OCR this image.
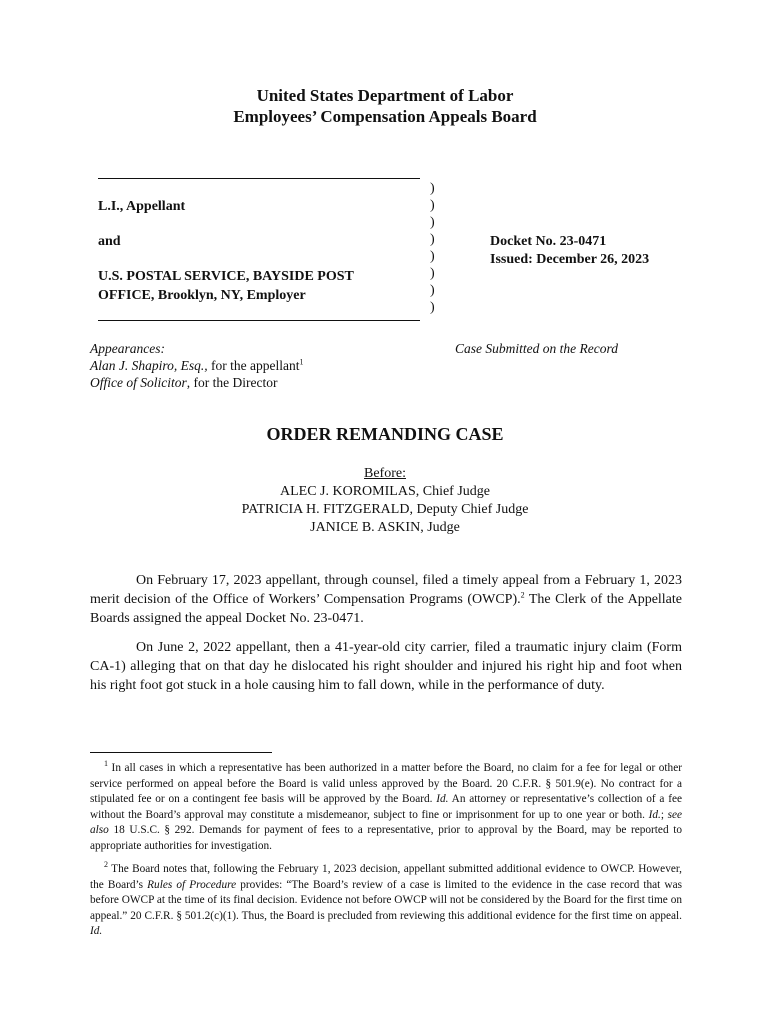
United States Department of Labor
Employees’ Compensation Appeals Board
L.I., Appellant
and
U.S. POSTAL SERVICE, BAYSIDE POST
OFFICE, Brooklyn, NY, Employer
)
)
)
)
)
)
)
)
Docket No. 23-0471
Issued: December 26, 2023
Appearances:
Alan J. Shapiro, Esq., for the appellant$^1$
Office of Solicitor, for the Director
Case Submitted on the Record
ORDER REMANDING CASE
Before:
ALEC J. KOROMILAS, Chief Judge
PATRICIA H. FITZGERALD, Deputy Chief Judge
JANICE B. ASKIN, Judge
On February 17, 2023 appellant, through counsel, filed a timely appeal from a February 1, 2023 merit decision of the Office of Workers’ Compensation Programs (OWCP).$^2$ The Clerk of the Appellate Boards assigned the appeal Docket No. 23-0471.
On June 2, 2022 appellant, then a 41-year-old city carrier, filed a traumatic injury claim (Form CA-1) alleging that on that day he dislocated his right shoulder and injured his right hip and foot when his right foot got stuck in a hole causing him to fall down, while in the performance of duty.
$^1$ In all cases in which a representative has been authorized in a matter before the Board, no claim for a fee for legal or other service performed on appeal before the Board is valid unless approved by the Board. 20 C.F.R. § 501.9(e). No contract for a stipulated fee or on a contingent fee basis will be approved by the Board. Id. An attorney or representative’s collection of a fee without the Board’s approval may constitute a misdemeanor, subject to fine or imprisonment for up to one year or both. Id.; see also 18 U.S.C. § 292. Demands for payment of fees to a representative, prior to approval by the Board, may be reported to appropriate authorities for investigation.
$^2$ The Board notes that, following the February 1, 2023 decision, appellant submitted additional evidence to OWCP. However, the Board’s Rules of Procedure provides: “The Board’s review of a case is limited to the evidence in the case record that was before OWCP at the time of its final decision. Evidence not before OWCP will not be considered by the Board for the first time on appeal.” 20 C.F.R. § 501.2(c)(1). Thus, the Board is precluded from reviewing this additional evidence for the first time on appeal. Id.
